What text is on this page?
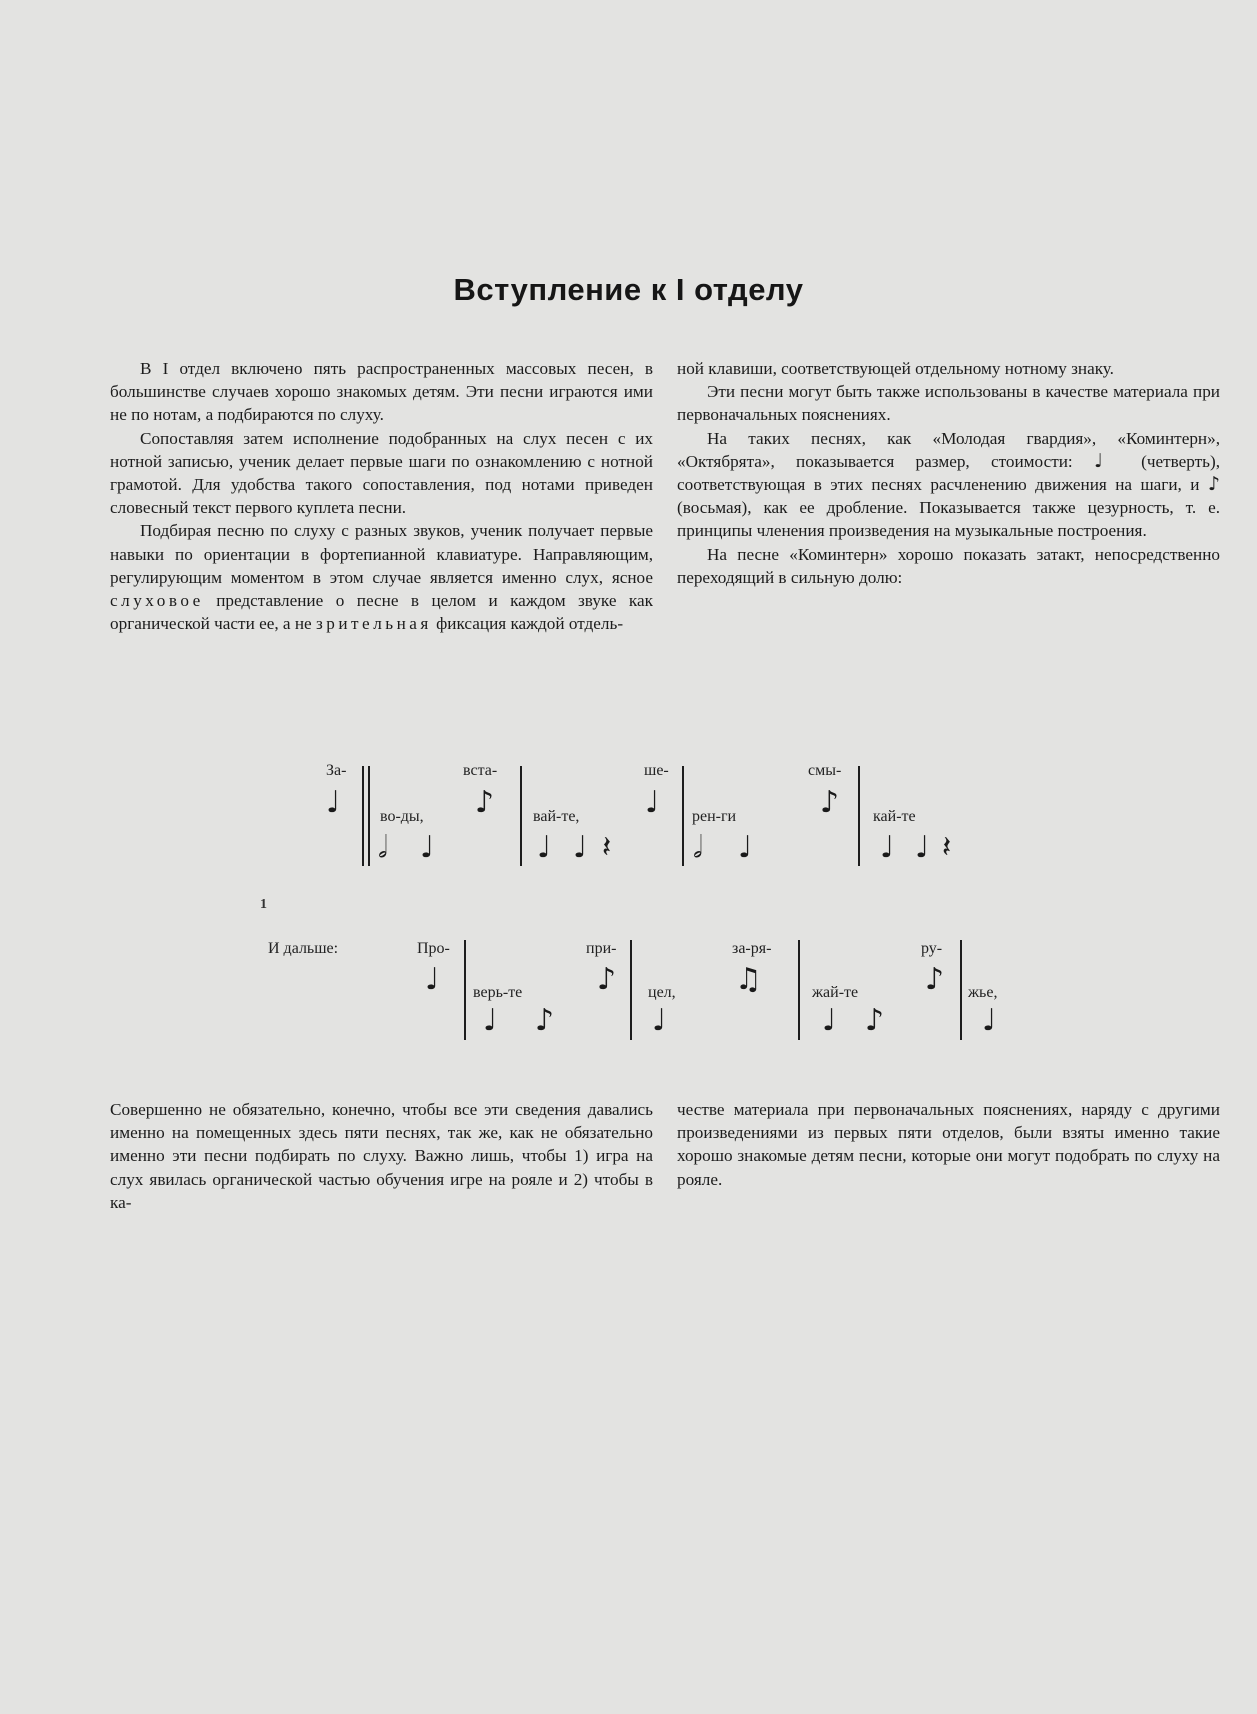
Вступление к I отделу

В I отдел включено пять распространенных массовых песен, в большинстве случаев хорошо знакомых детям. Эти песни играются ими не по нотам, а подбираются по слуху.

Сопоставляя затем исполнение подобранных на слух песен с их нотной записью, ученик делает первые шаги по ознакомлению с нотной грамотой. Для удобства такого сопоставления, под нотами приведен словесный текст первого куплета песни.

Подбирая песню по слуху с разных звуков, ученик получает первые навыки по ориентации в фортепианной клавиатуре. Направляющим, регулирующим моментом в этом случае является именно слух, ясное слуховое представление о песне в целом и каждом звуке как органической части ее, а не зрительная фиксация каждой отдель-

ной клавиши, соответствующей отдельному нотному знаку.

Эти песни могут быть также использованы в качестве материала при первоначальных пояснениях.

На таких песнях, как «Молодая гвардия», «Коминтерн», «Октябрята», показывается размер, стоимости: ♩ (четверть), соответствующая в этих песнях расчленению движения на шаги, и ♪ (восьмая), как ее дробление. Показывается также цезурность, т. е. принципы членения произведения на музыкальные построения.

На песне «Коминтерн» хорошо показать затакт, непосредственно переходящий в сильную долю:

За-
♩ во-ды,
𝅗𝅥 ♩
вста-
♪ вай-те,
♩ ♩ 𝄽
ше-
♩ рен-ги
𝅗𝅥 ♩
смы-
♪ кай-те
♩ ♩ 𝄽
1
И дальше:	Про-
♩ верь-те
♩ ♪
при-
♪ цел,
♩
за-ря-
♫	жай-те
♩ ♪
ру-
♪ жье,
♩

Совершенно не обязательно, конечно, чтобы все эти сведения давались именно на помещенных здесь пяти песнях, так же, как не обязательно именно эти песни подбирать по слуху. Важно лишь, чтобы 1) игра на слух явилась органической частью обучения игре на рояле и 2) чтобы в ка-

честве материала при первоначальных пояснениях, наряду с другими произведениями из первых пяти отделов, были взяты именно такие хорошо знакомые детям песни, которые они могут подобрать по слуху на рояле.
